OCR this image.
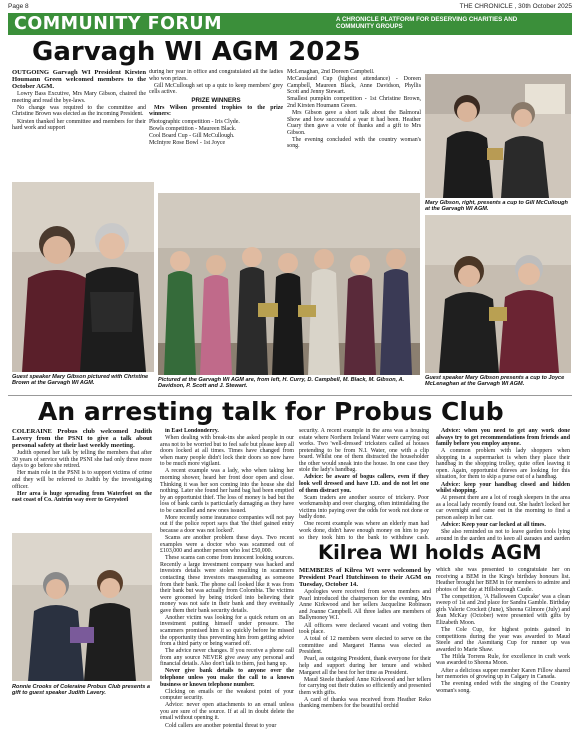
Page 8	THE CHRONICLE , 30th October 2025
COMMUNITY FORUM	A CHRONICLE PLATFORM FOR DESERVING CHARITIES AND COMMUNITY GROUPS
Garvagh WI AGM 2025

OUTGOING Garvagh WI President Kirsten Houmann Green welcomed members to the October AGM.

Lowry Bass Excutive, Mrs Mary Gibson, chaired the meeting and read the bye-laws.

No change was required to the committee and Christine Brown was elected as the incoming President.

Kirsten thanked her committee and members for their hard work and support

during her year in office and congratulated all the ladies who won prizes.

Gill McCullough set up a quiz to keep members' grey cells active.

PRIZE WINNERS

Mrs Wilson presented trophies to the prize winners:

Photographic competition - Iris Clyde.

Bowls competition - Maureen Black.

Cool Board Cup - Gill McCullough.

McIntyre Rose Bowl - 1st Joyce

McLenaghan, 2nd Doreen Campbell.

McCausland Cup (highest attendance) - Doreen Campbell, Maureen Black, Anne Davidson, Phyllis Scott and Jenny Stewart.

Smallest pumpkin competition - 1st Christine Brown, 2nd Kirsten Houmann Green.

Mrs Gibson gave a short talk about the Balmoral Show and how successful a year it had been. Heather Cuary then gave a vote of thanks and a gift to Mrs Gibson.

The evening concluded with the country woman's song.

Mary Gibson, right, presents a cup to Gill McCullough at the Garvagh WI AGM.
Guest speaker Mary Gibson pictured with Christine Brown at the Garvagh WI AGM.
Pictured at the Garvagh WI AGM are, from left, H. Curry, D. Campbell, M. Black, M. Gibson, A. Davidson, P. Scott and J. Stewart.
Guest speaker Mary Gibson presents a cup to Joyce McLenaghan at the Garvagh WI AGM.
An arresting talk for Probus Club

COLERAINE Probus club welcomed Judith Lavery from the PSNI to give a talk about personal safety at their last weekly meeting.

Judith opened her talk by telling the members that after 30 years of service with the PSNI she had only three more days to go before she retired.

Her main role in the PSNI is to support victims of crime and they will be referred to Judith by the investigating officer.

Her area is huge spreading from Waterfoot on the east coast of Co. Antrim way over to Greysteel

Ronnie Crooks of Coleraine Probus Club presents a gift to guest speaker Judith Lavery.

in East Londonderry.

When dealing with break-ins she asked people in our area not to be worried but to feel safe but please keep all doors locked at all times. Times have changed from when many people didn't lock their doors so now have to be much more vigilant.

A recent example was a lady, who when taking her morning shower, heard her front door open and close. Thinking it was her son coming into the house she did nothing. Later she found her hand bag had been emptied by an opportunist thief. The loss of money is bad but the loss of bank cards is particularly damaging as they have to be cancelled and new ones issued.

More recently some insurance companies will not pay out if the police report says that 'the thief gained entry because a door was not locked'.

Scams are another problem these days. Two recent examples were a doctor who was scammed out of £103,000 and another person who lost £50,000.

These scams can come from innocent looking sources. Recently a large investment company was hacked and investors details were stolen resulting in scammers contacting these investors masquerading as someone from their bank. The phone call looked like it was from their bank but was actually from Colombia. The victims were groomed by being tricked into believing their money was not safe in their bank and they eventually gave them their bank security details.

Another victim was looking for a quick return on an investment putting himself under pressure. The scammers promised him it so quickly before he missed the opportunity thus preventing him from getting advice from a third party or being warned off.

The advice never changes. If you receive a phone call from any source NEVER give away any personal and financial details. Also don't talk to them, just hang up.

Never give bank details to anyone over the telephone unless you make the call to a known business or known telephone number.

Clicking on emails or the weakest point of your computer security.

Advice: never open attachments to an email unless you are sure of the source. If at all in doubt delete the email without opening it.

Cold callers are another potential threat to your

security. A recent example in the area was a housing estate where Northern Ireland Water were carrying out works. Two 'well-dressed' tricksters called at houses pretending to be from N.I. Water, one with a clip board. Whilst one of them distracted the householder the other would sneak into the house. In one case they stole the lady's handbag.

Advice: be aware of bogus callers, even if they look well dressed and have I.D. and do not let one of them distract you.

Scam traders are another source of trickery. Poor workmanship and over charging, often intimidating the victims into paying over the odds for work not done or badly done.

One recent example was where an elderly man had work done, didn't have enough money on him to pay so they took him to the bank to withdraw cash.

Advice: when you need to get any work done always try to get recommendations from friends and family before you employ anyone.

A common problem with lady shoppers when shopping in a supermarket is when they place their handbag in the shopping trolley, quite often leaving it open. Again, opportunist thieves are looking for this situation, for them to skip a purse out of a handbag.

Advice: keep your handbag closed and hidden whilst shopping.

At present there are a lot of rough sleepers in the area as a local lady recently found out. She hadn't locked her car overnight and came out in the morning to find a person asleep in her car.

Advice: Keep your car locked at all times.

She also reminded us not to leave garden tools lying around in the garden and to keep all garages and garden

Kilrea WI holds AGM

MEMBERS of Kilrea WI were welcomed by President Pearl Hutchinson to their AGM on Tuesday, October 14.

Apologies were received from seven members and Pearl introduced the chairperson for the evening, Mrs Anne Kirkwood and her sellers Jacqueline Robinson and Joanne Campbell. All three ladies are members of Ballymoney W.I.

All officers were declared vacant and voting then took place.

A total of 12 members were elected to serve on the committee and Margaret Hanna was elected as President.

Pearl, as outgoing President, thank everyone for their help and support during her tenure and wished Margaret all the best for her time as President.

Maud Steele thanked Anne Kirkwood and her tellers for carrying out their duties so efficiently and presented them with gifts.

A card of thanks was received from Heather Reko thanking members for the beautiful orchid

which she was presented to congratulate her on receiving a BEM in the King's birthday honours list. Heather brought her BEM in for members to admire and photos of her day at Hillsborough Castle.

The competition, 'A Halloween Cupcake' was a clean sweep of 1st and 2nd place for Sandra Gamble. Birthday girls Valerie Crockett (June), Sheena Gilmore (July) and Jean McKay (October) were presented with gifts by Elizabeth Moon.

The Cole Cup, for highest points gained in competitions during the year was awarded to Maud Steele and the Assmitang Cup for runner up was awarded to Marie Shaw.

The Hilda Torrens Rule, for excellence in craft work was awarded to Sheena Moon.

After a delicious supper member Karen Fillow shared her memories of growing up in Calgary in Canada.

The evening ended with the singing of the Country woman's song.
